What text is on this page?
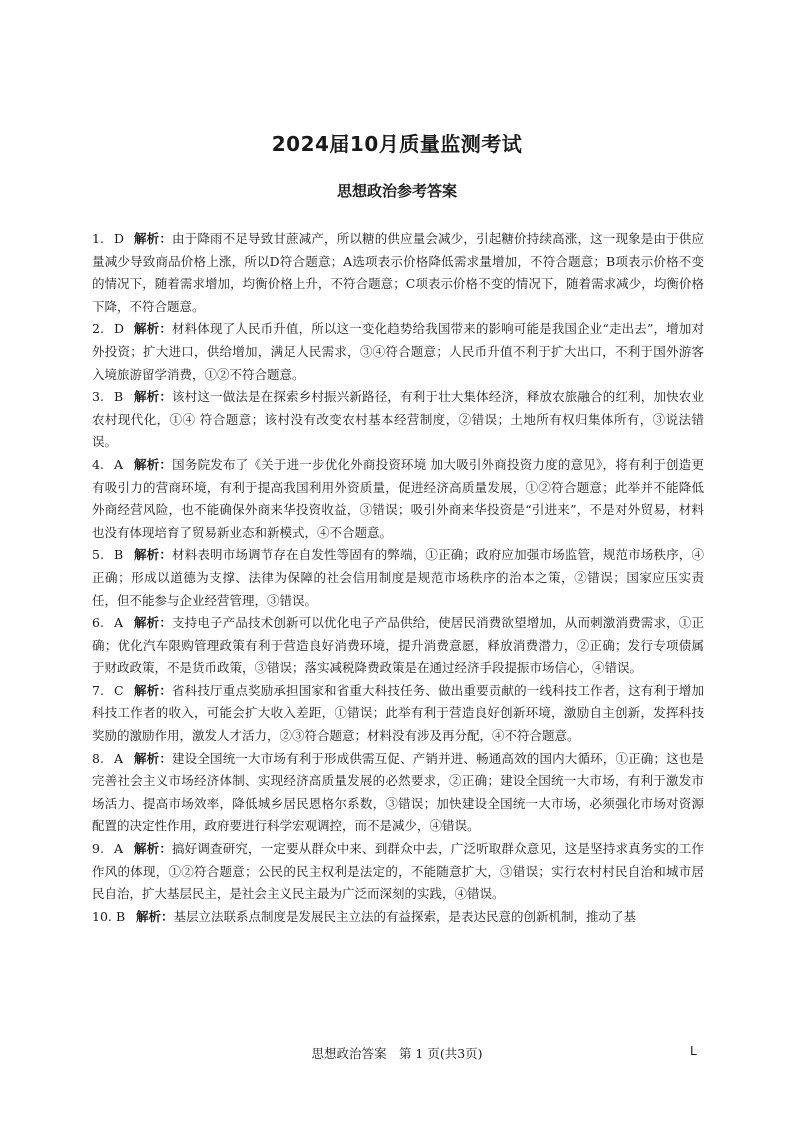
2024届10月质量监测考试
思想政治参考答案
1. D 解析：由于降雨不足导致甘蔗减产，所以糖的供应量会减少，引起糖价持续高涨，这一现象是由于供应量减少导致商品价格上涨，所以D符合题意；A选项表示价格降低需求量增加，不符合题意；B项表示价格不变的情况下，随着需求增加，均衡价格上升，不符合题意；C项表示价格不变的情况下，随着需求减少，均衡价格下降，不符合题意。
2. D 解析：材料体现了人民币升值，所以这一变化趋势给我国带来的影响可能是我国企业“走出去”，增加对外投资；扩大进口，供给增加，满足人民需求，③④符合题意；人民币升值不利于扩大出口，不利于国外游客入境旅游留学消费，①②不符合题意。
3. B 解析：该村这一做法是在探索乡村振兴新路径，有利于壮大集体经济，释放农旅融合的红利，加快农业农村现代化，①④ 符合题意；该村没有改变农村基本经营制度，②错误；土地所有权归集体所有，③说法错误。
4. A 解析：国务院发布了《关于进一步优化外商投资环境 加大吸引外商投资力度的意见》，将有利于创造更有吸引力的营商环境，有利于提高我国利用外资质量，促进经济高质量发展，①②符合题意；此举并不能降低外商经营风险，也不能确保外商来华投资收益，③错误；吸引外商来华投资是“引进来”，不是对外贸易，材料也没有体现培育了贸易新业态和新模式，④不合题意。
5. B 解析：材料表明市场调节存在自发性等固有的弊端，①正确；政府应加强市场监管，规范市场秩序，④正确；形成以道德为支撑、法律为保障的社会信用制度是规范市场秩序的治本之策，②错误；国家应压实责任，但不能参与企业经营管理，③错误。
6. A 解析：支持电子产品技术创新可以优化电子产品供给，使居民消费欲望增加，从而刺激消费需求，①正确；优化汽车限购管理政策有利于营造良好消费环境，提升消费意愿，释放消费潜力，②正确；发行专项债属于财政政策，不是货币政策，③错误；落实减税降费政策是在通过经济手段提振市场信心，④错误。
7. C 解析：省科技厅重点奖励承担国家和省重大科技任务、做出重要贡献的一线科技工作者，这有利于增加科技工作者的收入，可能会扩大收入差距，①错误；此举有利于营造良好创新环境，激励自主创新，发挥科技奖励的激励作用，激发人才活力，②③符合题意；材料没有涉及再分配，④不符合题意。
8. A 解析：建设全国统一大市场有利于形成供需互促、产销并进、畅通高效的国内大循环，①正确；这也是完善社会主义市场经济体制、实现经济高质量发展的必然要求，②正确；建设全国统一大市场，有利于激发市场活力、提高市场效率，降低城乡居民恩格尔系数，③错误；加快建设全国统一大市场，必须强化市场对资源配置的决定性作用，政府要进行科学宏观调控，而不是减少，④错误。
9. A 解析：搞好调查研究，一定要从群众中来、到群众中去，广泛听取群众意见，这是坚持求真务实的工作作风的体现，①②符合题意；公民的民主权利是法定的，不能随意扩大，③错误；实行农村村民自治和城市居民自治，扩大基层民主，是社会主义民主最为广泛而深刻的实践，④错误。
10. B 解析：基层立法联系点制度是发展民主立法的有益探索，是表达民意的创新机制，推动了基
思想政治答案　第 1 页(共3页)	L
